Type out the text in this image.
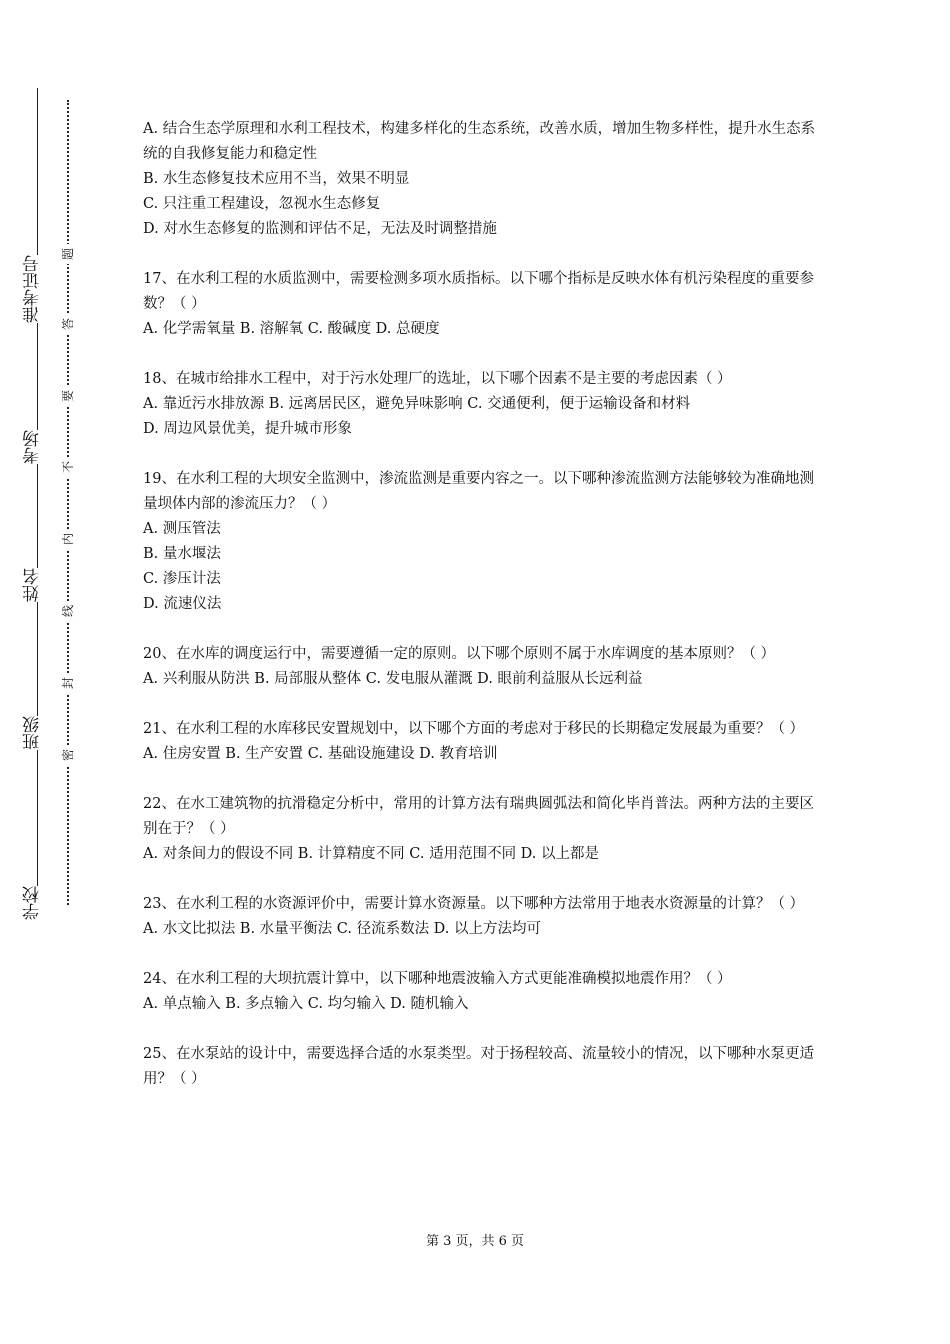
准考证号
考场
姓名
班级
学校
题
答
要
不
内
线
封
密
A. 结合生态学原理和水利工程技术，构建多样化的生态系统，改善水质，增加生物多样性，提升水生态系统的自我修复能力和稳定性
B. 水生态修复技术应用不当，效果不明显
C. 只注重工程建设，忽视水生态修复
D. 对水生态修复的监测和评估不足，无法及时调整措施
17、在水利工程的水质监测中，需要检测多项水质指标。以下哪个指标是反映水体有机污染程度的重要参数？（ ）
A. 化学需氧量 B. 溶解氧 C. 酸碱度 D. 总硬度
18、在城市给排水工程中，对于污水处理厂的选址，以下哪个因素不是主要的考虑因素（ ）
A. 靠近污水排放源 B. 远离居民区，避免异味影响 C. 交通便利，便于运输设备和材料
D. 周边风景优美，提升城市形象
19、在水利工程的大坝安全监测中，渗流监测是重要内容之一。以下哪种渗流监测方法能够较为准确地测量坝体内部的渗流压力？（ ）
A. 测压管法
B. 量水堰法
C. 渗压计法
D. 流速仪法
20、在水库的调度运行中，需要遵循一定的原则。以下哪个原则不属于水库调度的基本原则？（ ）
A. 兴利服从防洪 B. 局部服从整体 C. 发电服从灌溉 D. 眼前利益服从长远利益
21、在水利工程的水库移民安置规划中，以下哪个方面的考虑对于移民的长期稳定发展最为重要？（ ）
A. 住房安置 B. 生产安置 C. 基础设施建设 D. 教育培训
22、在水工建筑物的抗滑稳定分析中，常用的计算方法有瑞典圆弧法和简化毕肖普法。两种方法的主要区别在于？（ ）
A. 对条间力的假设不同 B. 计算精度不同 C. 适用范围不同 D. 以上都是
23、在水利工程的水资源评价中，需要计算水资源量。以下哪种方法常用于地表水资源量的计算？（ ）
A. 水文比拟法 B. 水量平衡法 C. 径流系数法 D. 以上方法均可
24、在水利工程的大坝抗震计算中，以下哪种地震波输入方式更能准确模拟地震作用？（ ）
A. 单点输入 B. 多点输入 C. 均匀输入 D. 随机输入
25、在水泵站的设计中，需要选择合适的水泵类型。对于扬程较高、流量较小的情况，以下哪种水泵更适用？（ ）
第 3 页，共 6 页
